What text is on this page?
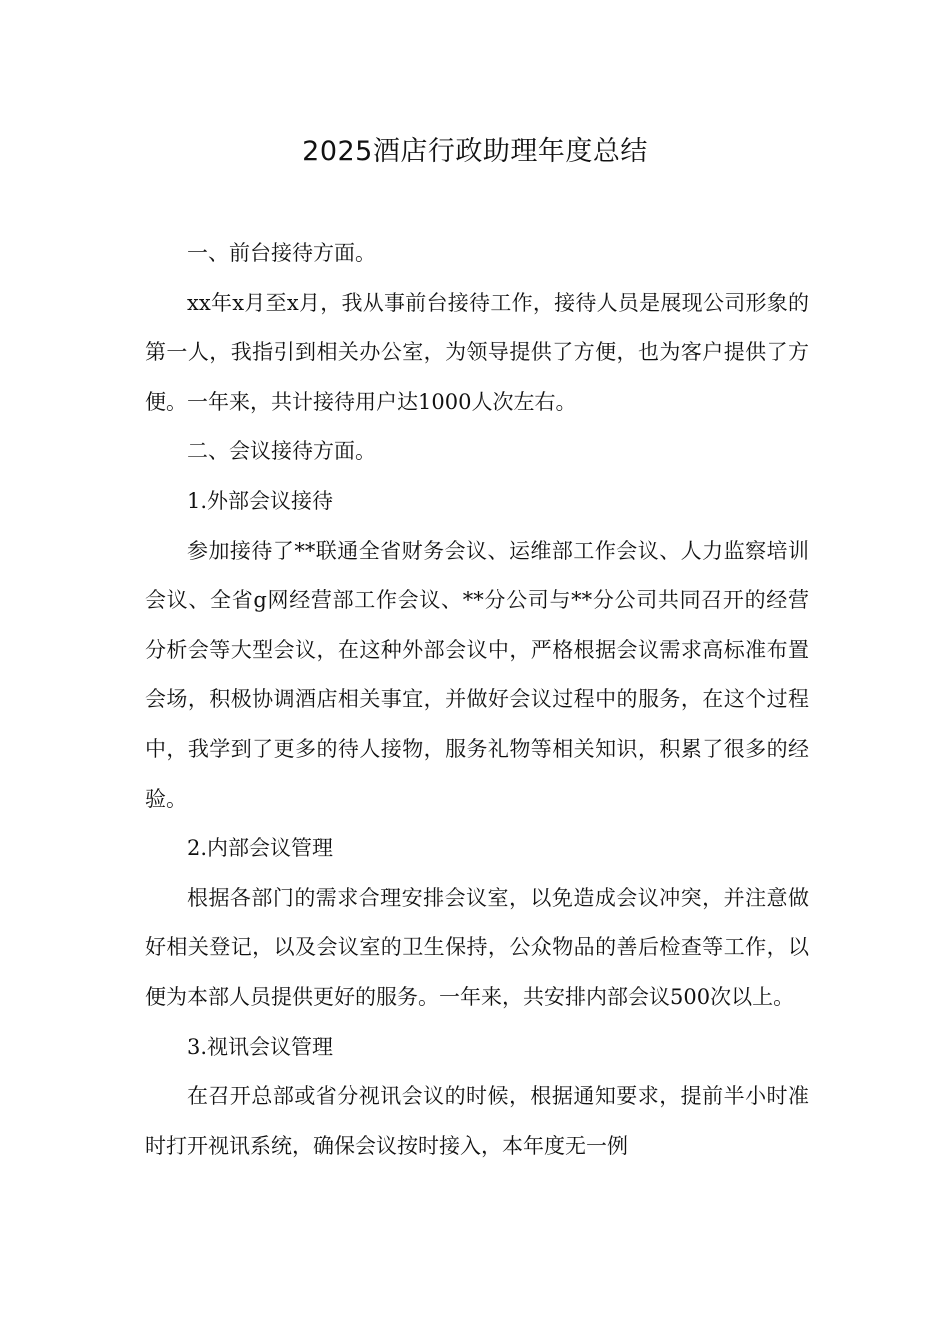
2025酒店行政助理年度总结

一、前台接待方面。

xx年x月至x月，我从事前台接待工作，接待人员是展现公司形象的第一人，我指引到相关办公室，为领导提供了方便，也为客户提供了方便。一年来，共计接待用户达1000人次左右。

二、会议接待方面。

1.外部会议接待

参加接待了**联通全省财务会议、运维部工作会议、人力监察培训会议、全省g网经营部工作会议、**分公司与**分公司共同召开的经营分析会等大型会议，在这种外部会议中，严格根据会议需求高标准布置会场，积极协调酒店相关事宜，并做好会议过程中的服务，在这个过程中，我学到了更多的待人接物，服务礼物等相关知识，积累了很多的经验。

2.内部会议管理

根据各部门的需求合理安排会议室，以免造成会议冲突，并注意做好相关登记，以及会议室的卫生保持，公众物品的善后检查等工作，以便为本部人员提供更好的服务。一年来，共安排内部会议500次以上。

3.视讯会议管理

在召开总部或省分视讯会议的时候，根据通知要求，提前半小时准时打开视讯系统，确保会议按时接入，本年度无一例
